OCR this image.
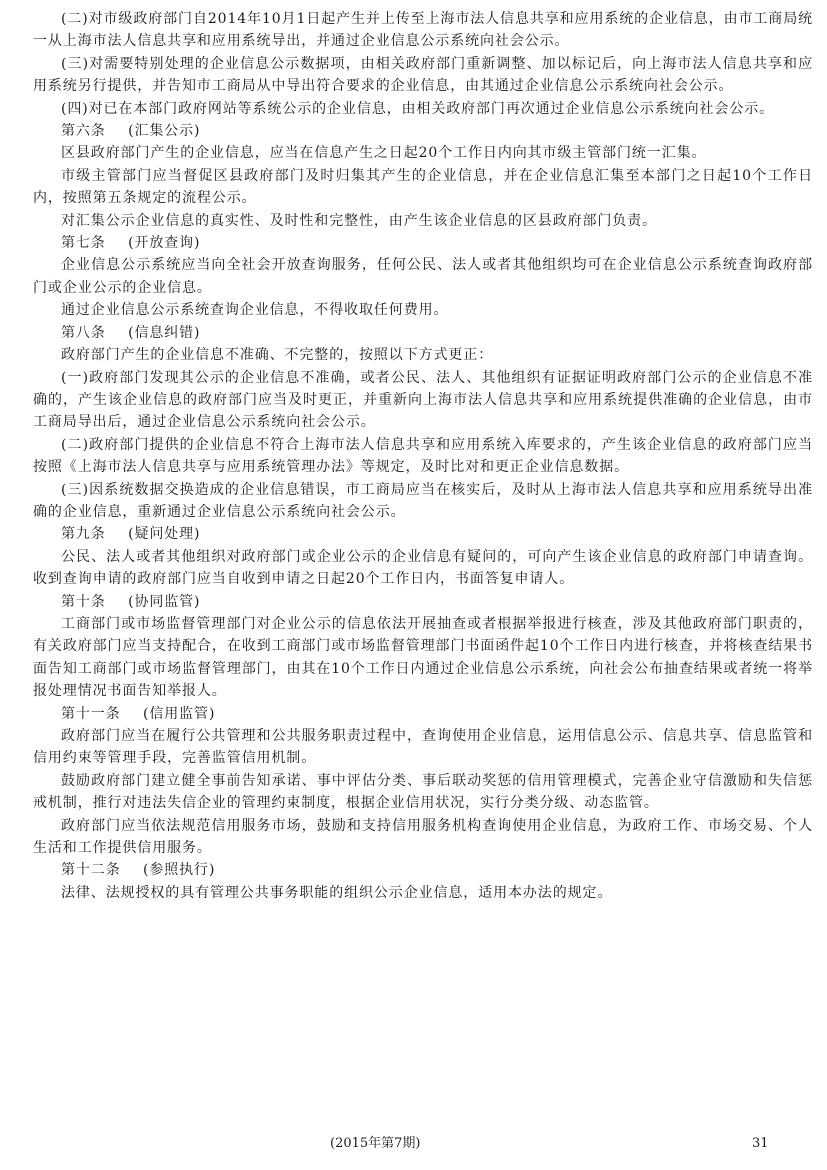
(二)对市级政府部门自2014年10月1日起产生并上传至上海市法人信息共享和应用系统的企业信息，由市工商局统一从上海市法人信息共享和应用系统导出，并通过企业信息公示系统向社会公示。

(三)对需要特别处理的企业信息公示数据项，由相关政府部门重新调整、加以标记后，向上海市法人信息共享和应用系统另行提供，并告知市工商局从中导出符合要求的企业信息，由其通过企业信息公示系统向社会公示。

(四)对已在本部门政府网站等系统公示的企业信息，由相关政府部门再次通过企业信息公示系统向社会公示。

第六条 (汇集公示)

区县政府部门产生的企业信息，应当在信息产生之日起20个工作日内向其市级主管部门统一汇集。

市级主管部门应当督促区县政府部门及时归集其产生的企业信息，并在企业信息汇集至本部门之日起10个工作日内，按照第五条规定的流程公示。

对汇集公示企业信息的真实性、及时性和完整性，由产生该企业信息的区县政府部门负责。

第七条 (开放查询)

企业信息公示系统应当向全社会开放查询服务，任何公民、法人或者其他组织均可在企业信息公示系统查询政府部门或企业公示的企业信息。

通过企业信息公示系统查询企业信息，不得收取任何费用。

第八条 (信息纠错)

政府部门产生的企业信息不准确、不完整的，按照以下方式更正：

(一)政府部门发现其公示的企业信息不准确，或者公民、法人、其他组织有证据证明政府部门公示的企业信息不准确的，产生该企业信息的政府部门应当及时更正，并重新向上海市法人信息共享和应用系统提供准确的企业信息，由市工商局导出后，通过企业信息公示系统向社会公示。

(二)政府部门提供的企业信息不符合上海市法人信息共享和应用系统入库要求的，产生该企业信息的政府部门应当按照《上海市法人信息共享与应用系统管理办法》等规定，及时比对和更正企业信息数据。

(三)因系统数据交换造成的企业信息错误，市工商局应当在核实后，及时从上海市法人信息共享和应用系统导出准确的企业信息，重新通过企业信息公示系统向社会公示。

第九条 (疑问处理)

公民、法人或者其他组织对政府部门或企业公示的企业信息有疑问的，可向产生该企业信息的政府部门申请查询。收到查询申请的政府部门应当自收到申请之日起20个工作日内，书面答复申请人。

第十条 (协同监管)

工商部门或市场监督管理部门对企业公示的信息依法开展抽查或者根据举报进行核查，涉及其他政府部门职责的，有关政府部门应当支持配合，在收到工商部门或市场监督管理部门书面函件起10个工作日内进行核查，并将核查结果书面告知工商部门或市场监督管理部门，由其在10个工作日内通过企业信息公示系统，向社会公布抽查结果或者统一将举报处理情况书面告知举报人。

第十一条 (信用监管)

政府部门应当在履行公共管理和公共服务职责过程中，查询使用企业信息，运用信息公示、信息共享、信息监管和信用约束等管理手段，完善监管信用机制。

鼓励政府部门建立健全事前告知承诺、事中评估分类、事后联动奖惩的信用管理模式，完善企业守信激励和失信惩戒机制，推行对违法失信企业的管理约束制度，根据企业信用状况，实行分类分级、动态监管。

政府部门应当依法规范信用服务市场，鼓励和支持信用服务机构查询使用企业信息，为政府工作、市场交易、个人生活和工作提供信用服务。

第十二条 (参照执行)

法律、法规授权的具有管理公共事务职能的组织公示企业信息，适用本办法的规定。

(2015年第7期)	31
